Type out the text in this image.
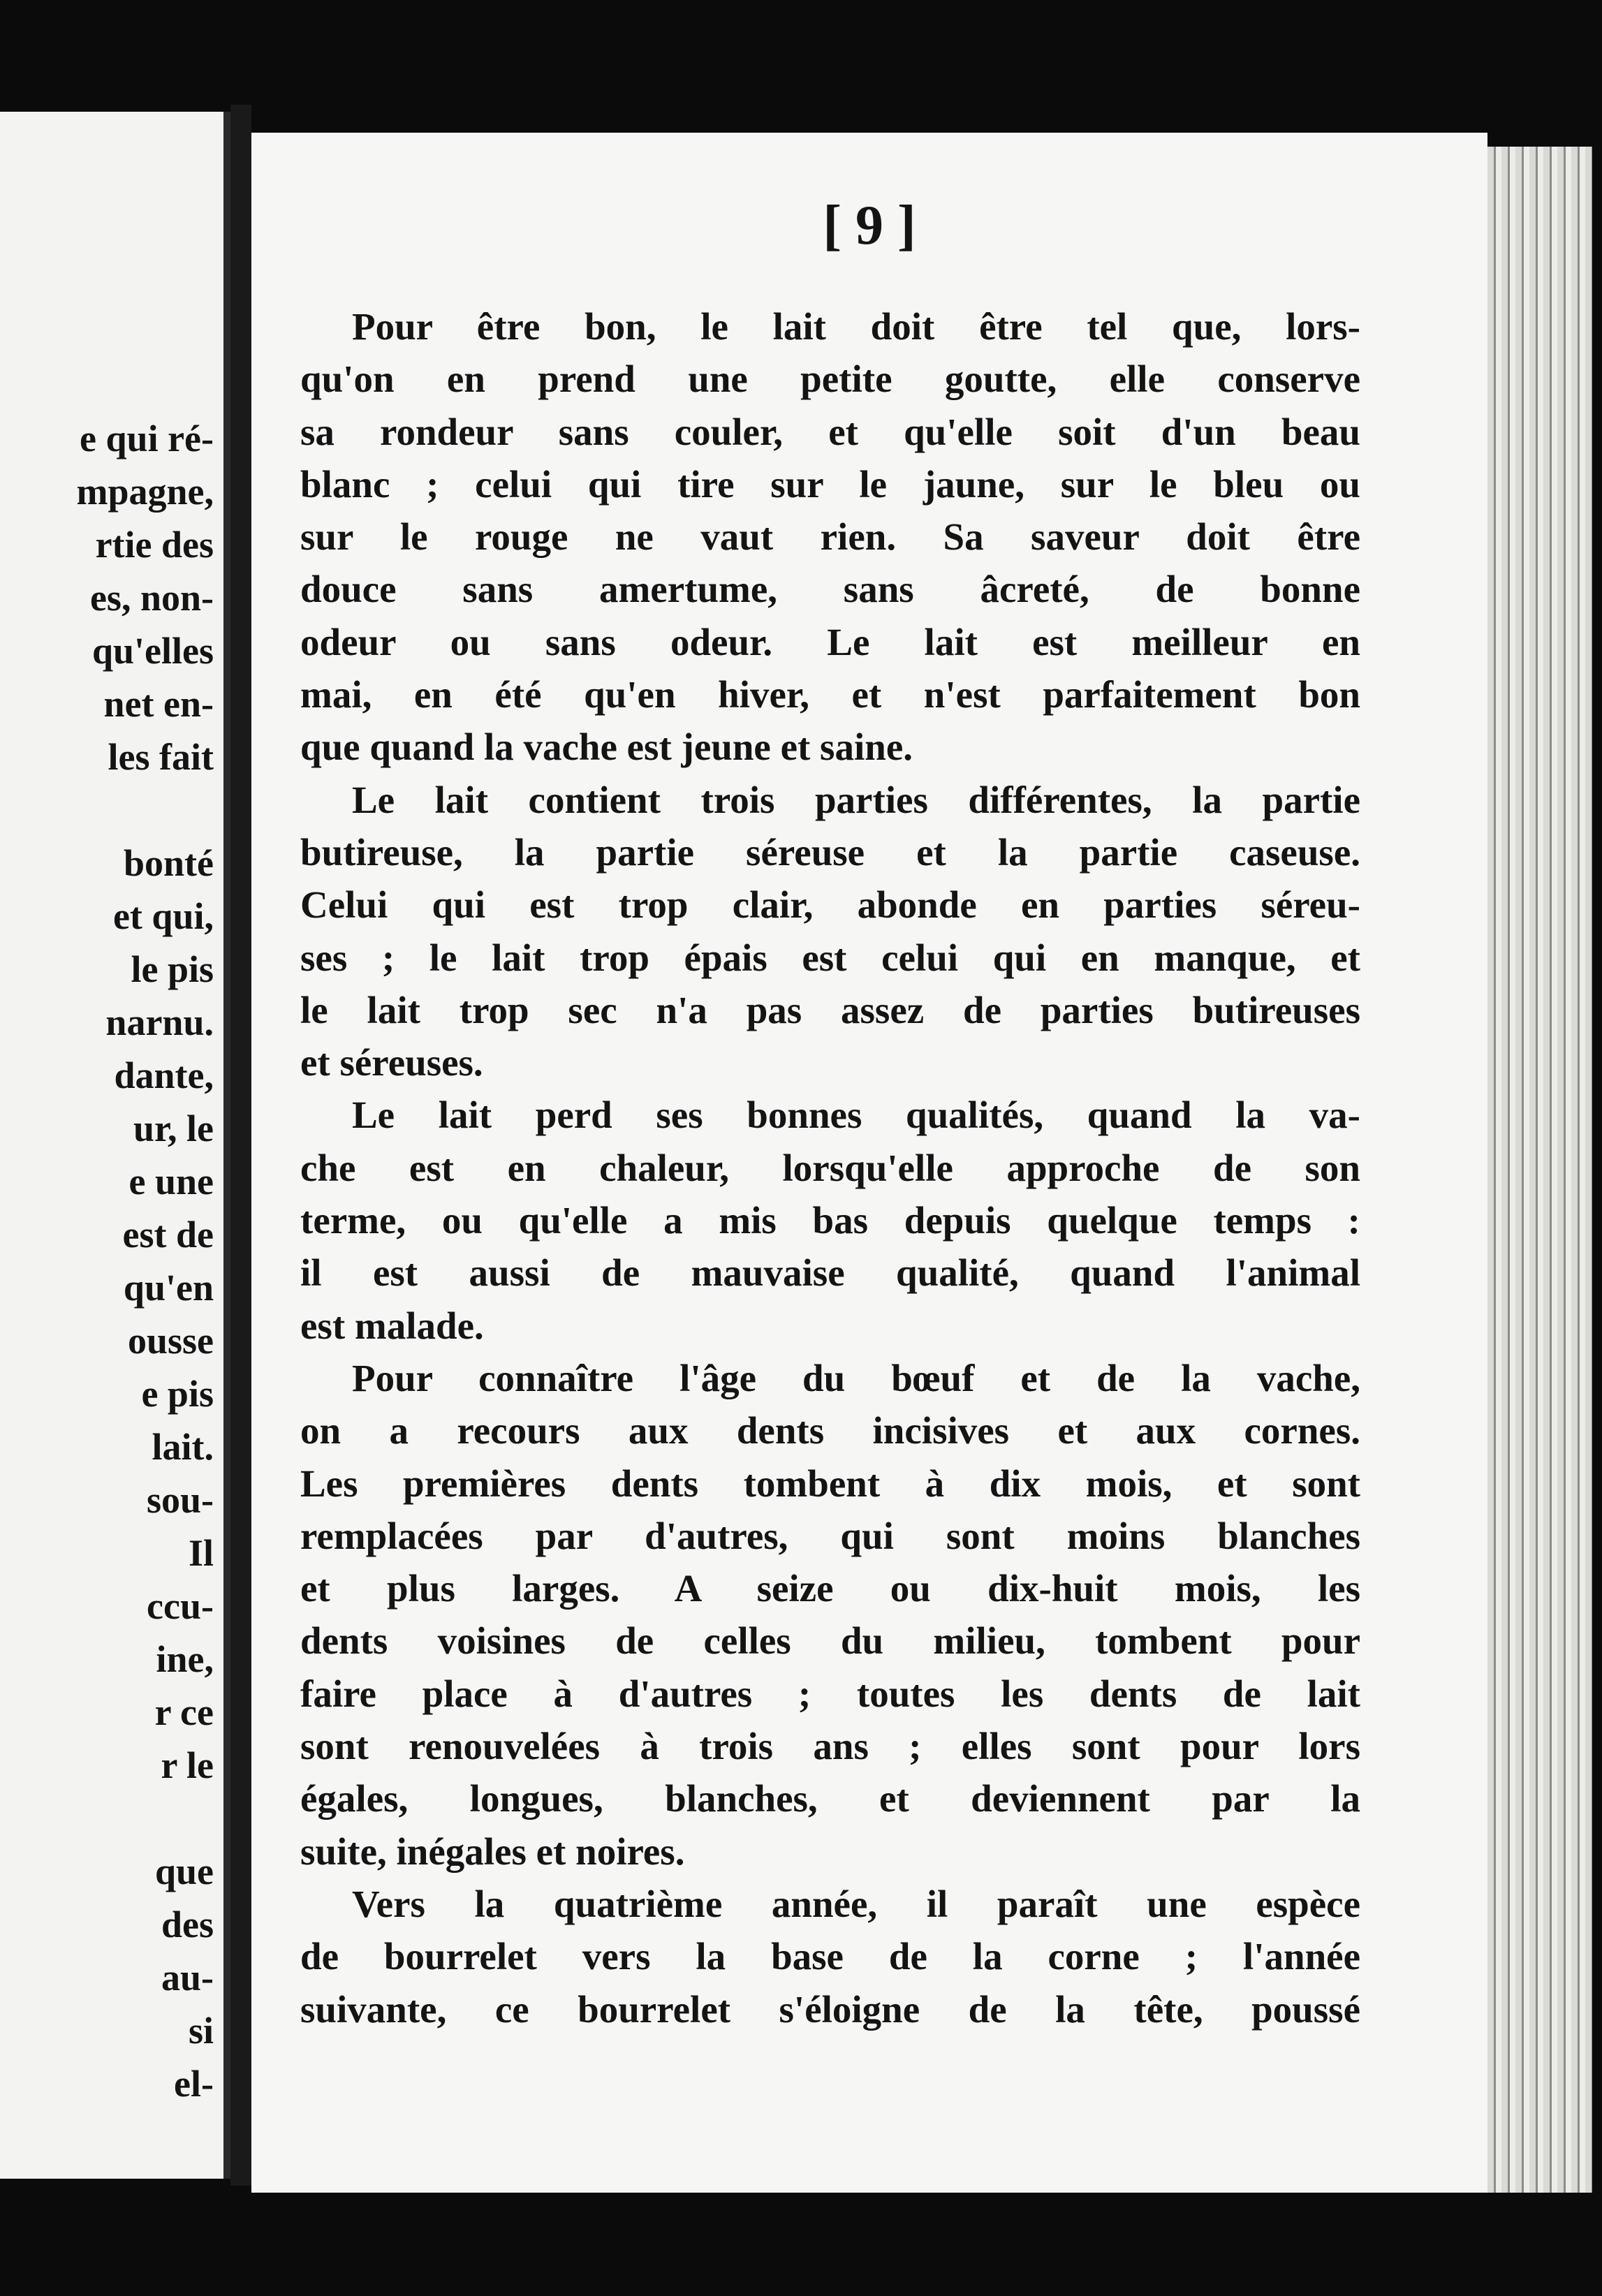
e qui ré-
mpagne,
rtie des
es, non-
qu'elles
net en-
les fait

bonté
et qui,
le pis
narnu.
dante,
ur, le
e une
est de
qu'en
ousse
e pis
lait.
sou-
Il
ccu-
ine,
r ce
r le

que
des
au-
si
el-
[ 9 ]
Pour être bon, le lait doit être tel que, lors-
qu'on en prend une petite goutte, elle conserve
sa rondeur sans couler, et qu'elle soit d'un beau
blanc ; celui qui tire sur le jaune, sur le bleu ou
sur le rouge ne vaut rien. Sa saveur doit être
douce sans amertume, sans âcreté, de bonne
odeur ou sans odeur. Le lait est meilleur en
mai, en été qu'en hiver, et n'est parfaitement bon
que quand la vache est jeune et saine.
Le lait contient trois parties différentes, la partie
butireuse, la partie séreuse et la partie caseuse.
Celui qui est trop clair, abonde en parties séreu-
ses ; le lait trop épais est celui qui en manque, et
le lait trop sec n'a pas assez de parties butireuses
et séreuses.
Le lait perd ses bonnes qualités, quand la va-
che est en chaleur, lorsqu'elle approche de son
terme, ou qu'elle a mis bas depuis quelque temps :
il est aussi de mauvaise qualité, quand l'animal
est malade.
Pour connaître l'âge du bœuf et de la vache,
on a recours aux dents incisives et aux cornes.
Les premières dents tombent à dix mois, et sont
remplacées par d'autres, qui sont moins blanches
et plus larges. A seize ou dix-huit mois, les
dents voisines de celles du milieu, tombent pour
faire place à d'autres ; toutes les dents de lait
sont renouvelées à trois ans ; elles sont pour lors
égales, longues, blanches, et deviennent par la
suite, inégales et noires.
Vers la quatrième année, il paraît une espèce
de bourrelet vers la base de la corne ; l'année
suivante, ce bourrelet s'éloigne de la tête, poussé
